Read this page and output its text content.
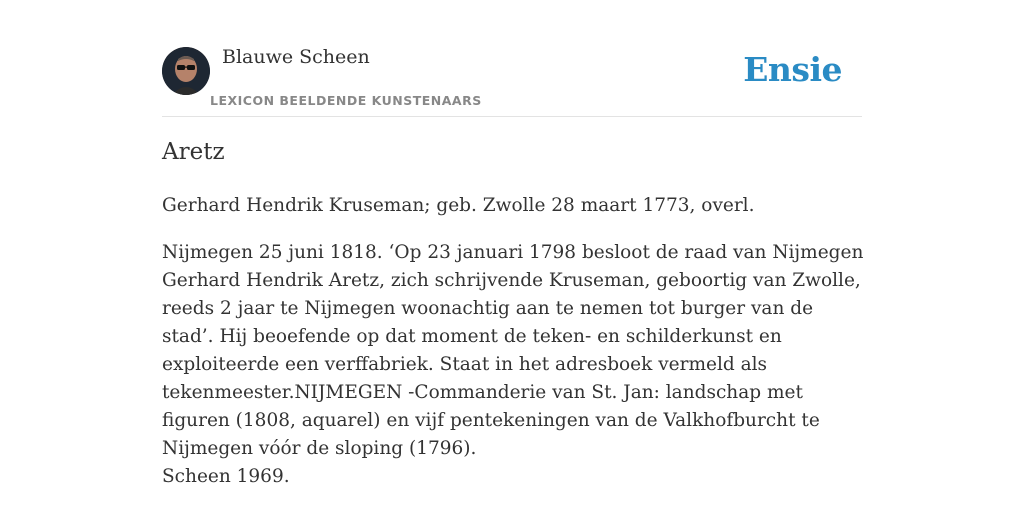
Blauwe Scheen
LEXICON BEELDENDE KUNSTENAARS
Ensie
Aretz

Gerhard Hendrik Kruseman; geb. Zwolle 28 maart 1773, overl.

Nijmegen 25 juni 1818. ‘Op 23 januari 1798 besloot de raad van Nijmegen Gerhard Hendrik Aretz, zich schrijvende Kruseman, geboortig van Zwolle, reeds 2 jaar te Nijmegen woonachtig aan te nemen tot burger van de stad’. Hij beoefende op dat moment de teken- en schilderkunst en exploiteerde een verffabriek. Staat in het adresboek vermeld als tekenmeester.NIJMEGEN -Commanderie van St. Jan: landschap met figuren (1808, aquarel) en vijf pentekeningen van de Valkhofburcht te Nijmegen vóór de sloping (1796).

Scheen 1969.
